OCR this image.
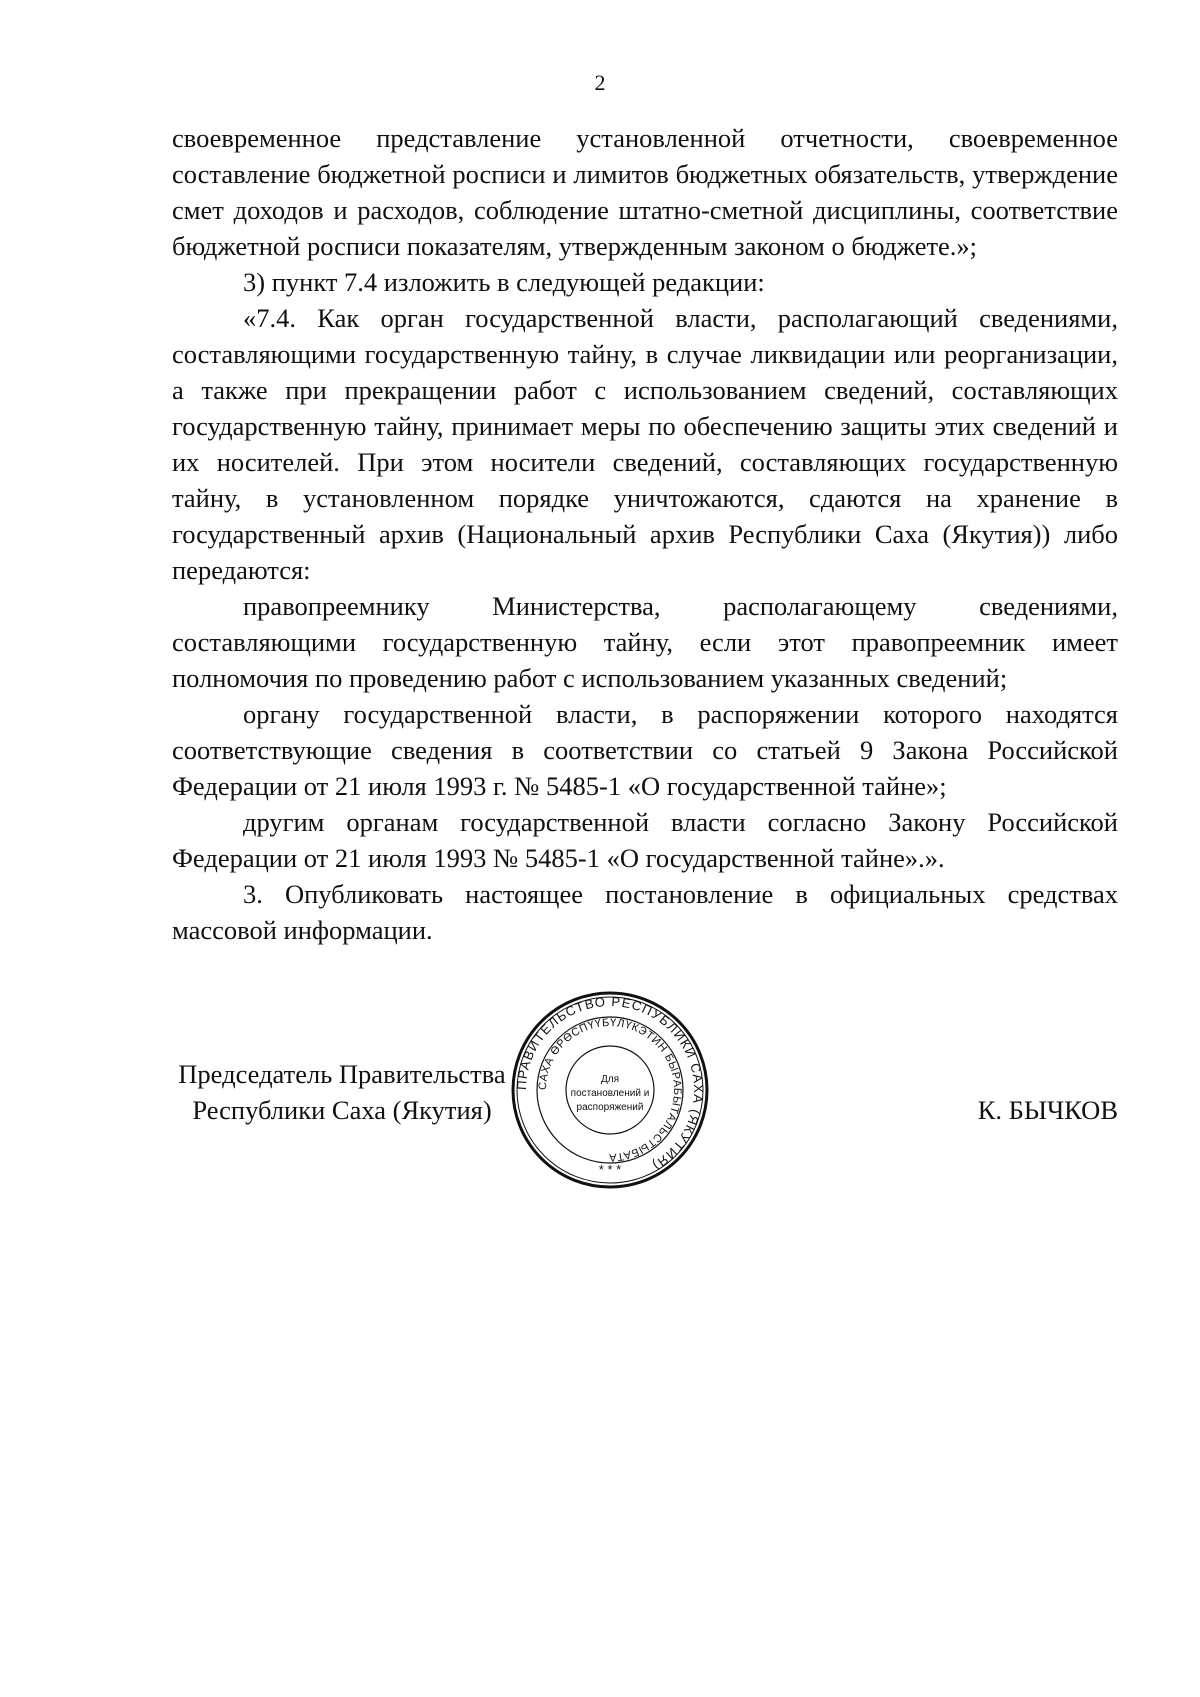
2

своевременное представление установленной отчетности, своевременное составление бюджетной росписи и лимитов бюджетных обязательств, утверждение смет доходов и расходов, соблюдение штатно-сметной дисциплины, соответствие бюджетной росписи показателям, утвержденным законом о бюджете.»;

3) пункт 7.4 изложить в следующей редакции:

«7.4. Как орган государственной власти, располагающий сведениями, составляющими государственную тайну, в случае ликвидации или реорганизации, а также при прекращении работ с использованием сведений, составляющих государственную тайну, принимает меры по обеспечению защиты этих сведений и их носителей. При этом носители сведений, составляющих государственную тайну, в установленном порядке уничтожаются, сдаются на хранение в государственный архив (Национальный архив Республики Саха (Якутия)) либо передаются:

правопреемнику Министерства, располагающему сведениями, составляющими государственную тайну, если этот правопреемник имеет полномочия по проведению работ с использованием указанных сведений;

органу государственной власти, в распоряжении которого находятся соответствующие сведения в соответствии со статьей 9 Закона Российской Федерации от 21 июля 1993 г. № 5485-1 «О государственной тайне»;

другим органам государственной власти согласно Закону Российской Федерации от 21 июля 1993 № 5485-1 «О государственной тайне».».

3. Опубликовать настоящее постановление в официальных средствах массовой информации.

Председатель Правительства
Республики Саха (Якутия)	К. БЫЧКОВ
ПРАВИТЕЛЬСТВО РЕСПУБЛИКИ САХА (ЯКУТИЯ)
САХА ӨРӨСПҮҮБҮЛҮКЭТИН БЫРАБЫТАЛЬСТЫБАТА
Для
постановлений и
распоряжений
* * *
